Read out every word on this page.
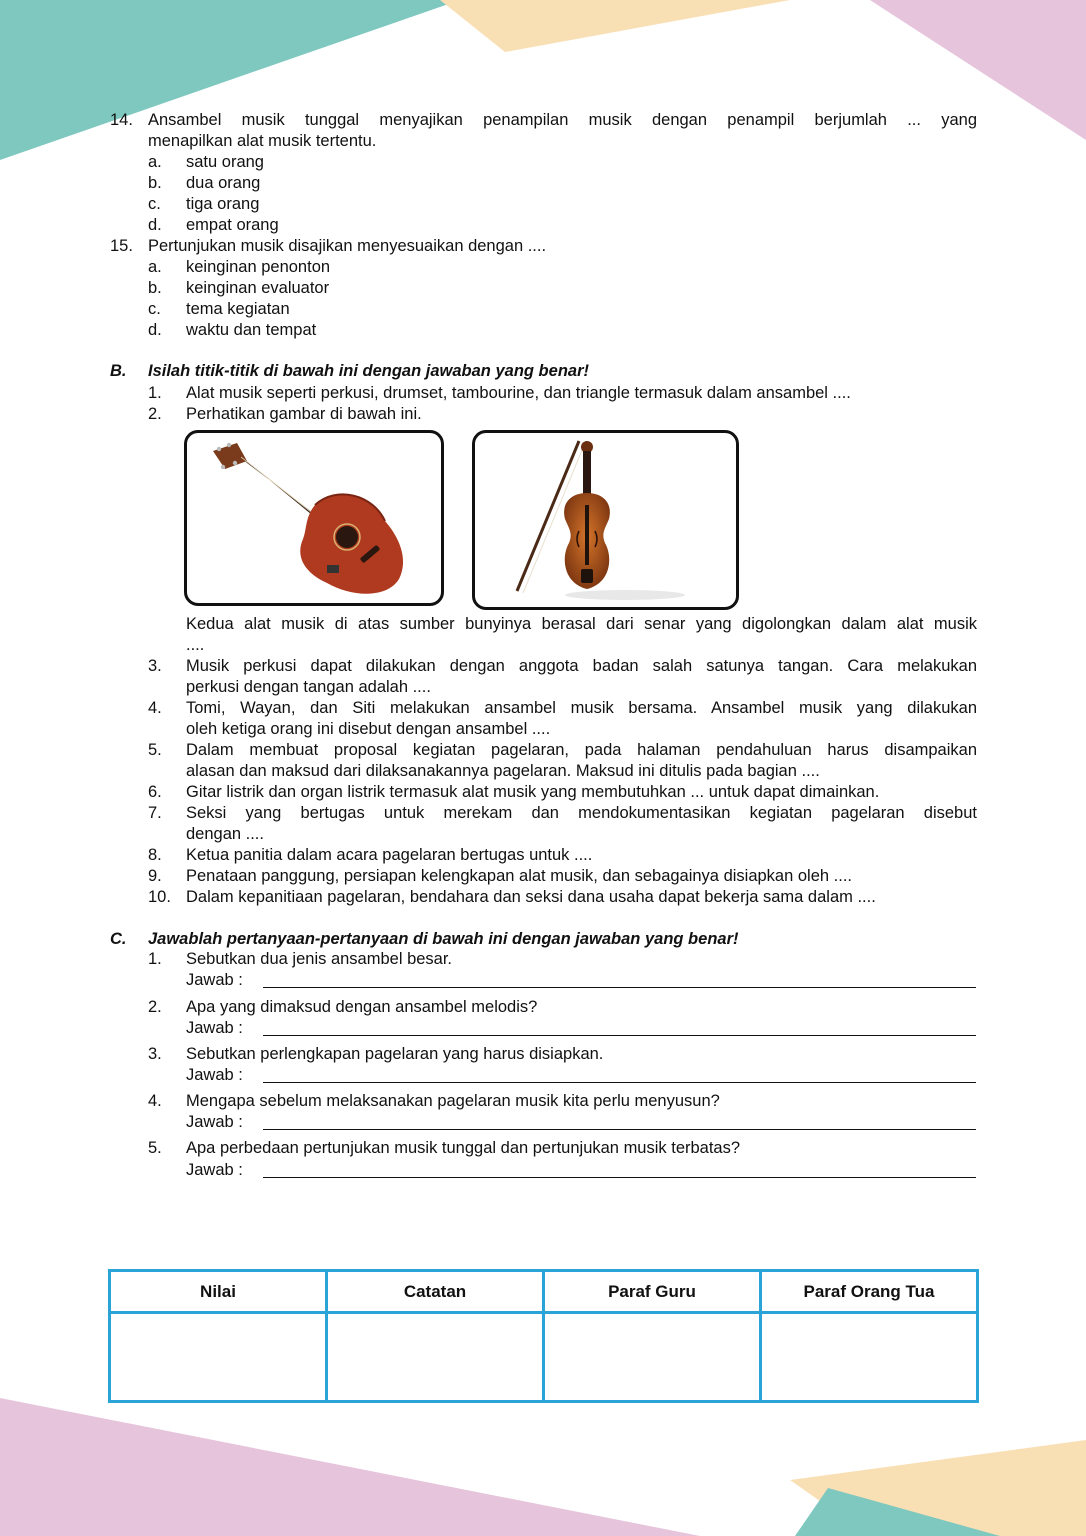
14. Ansambel musik tunggal menyajikan penampilan musik dengan penampil berjumlah ... yang
menapilkan alat musik tertentu.
a. satu orang
b. dua orang
c. tiga orang
d. empat orang
15. Pertunjukan musik disajikan menyesuaikan dengan ....
a. keinginan penonton
b. keinginan evaluator
c. tema kegiatan
d. waktu dan tempat
B. Isilah titik-titik di bawah ini dengan jawaban yang benar!
1. Alat musik seperti perkusi, drumset, tambourine, dan triangle termasuk dalam ansambel ....
2. Perhatikan gambar di bawah ini.
Kedua alat musik di atas sumber bunyinya berasal dari senar yang digolongkan dalam alat musik
....
3. Musik perkusi dapat dilakukan dengan anggota badan salah satunya tangan. Cara melakukan
perkusi dengan tangan adalah ....
4. Tomi, Wayan, dan Siti melakukan ansambel musik bersama. Ansambel musik yang dilakukan
oleh ketiga orang ini disebut dengan ansambel ....
5. Dalam membuat proposal kegiatan pagelaran, pada halaman pendahuluan harus disampaikan
alasan dan maksud dari dilaksanakannya pagelaran. Maksud ini ditulis pada bagian ....
6. Gitar listrik dan organ listrik termasuk alat musik yang membutuhkan ... untuk dapat dimainkan.
7. Seksi yang bertugas untuk merekam dan mendokumentasikan kegiatan pagelaran disebut
dengan ....
8. Ketua panitia dalam acara pagelaran bertugas untuk ....
9. Penataan panggung, persiapan kelengkapan alat musik, dan sebagainya disiapkan oleh ....
10. Dalam kepanitiaan pagelaran, bendahara dan seksi dana usaha dapat bekerja sama dalam ....
C. Jawablah pertanyaan-pertanyaan di bawah ini dengan jawaban yang benar!
1. Sebutkan dua jenis ansambel besar.
Jawab :
2. Apa yang dimaksud dengan ansambel melodis?
Jawab :
3. Sebutkan perlengkapan pagelaran yang harus disiapkan.
Jawab :
4. Mengapa sebelum melaksanakan pagelaran musik kita perlu menyusun?
Jawab :
5. Apa perbedaan pertunjukan musik tunggal dan pertunjukan musik terbatas?
Jawab :
Nilai	Catatan	Paraf Guru	Paraf Orang Tua
